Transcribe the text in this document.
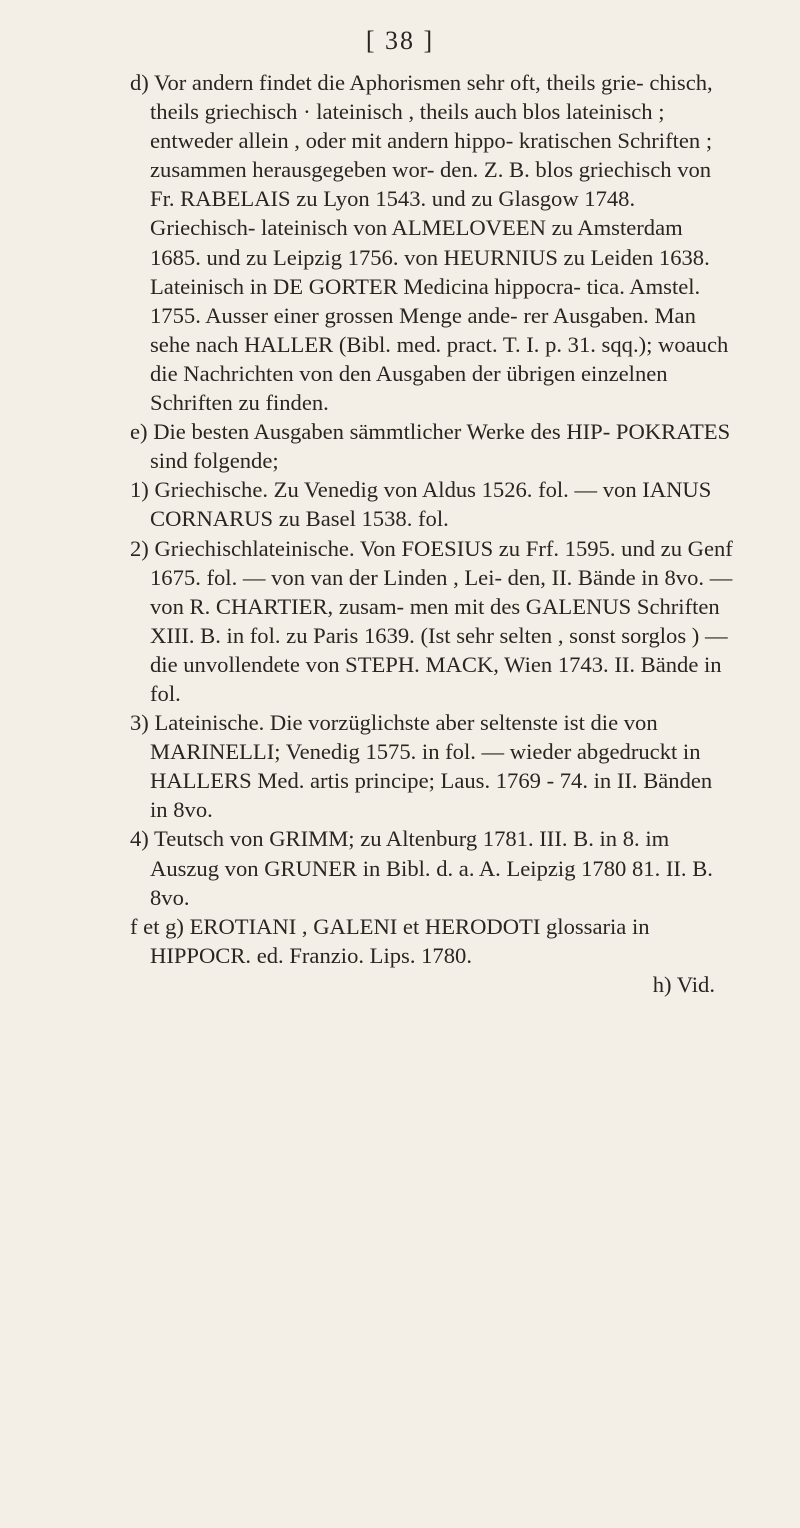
[ 38 ]

d) Vor andern findet die Aphorismen sehr oft, theils grie- chisch, theils griechisch · lateinisch , theils auch blos lateinisch ; entweder allein , oder mit andern hippo- kratischen Schriften ; zusammen herausgegeben wor- den. Z. B. blos griechisch von Fr. RABELAIS zu Lyon 1543. und zu Glasgow 1748. Griechisch- lateinisch von ALMELOVEEN zu Amsterdam 1685. und zu Leipzig 1756. von HEURNIUS zu Leiden 1638. Lateinisch in DE GORTER Medicina hippocra- tica. Amstel. 1755. Ausser einer grossen Menge ande- rer Ausgaben. Man sehe nach HALLER (Bibl. med. pract. T. I. p. 31. sqq.); woauch die Nachrichten von den Ausgaben der übrigen einzelnen Schriften zu finden.

e) Die besten Ausgaben sämmtlicher Werke des HIP- POKRATES sind folgende;

1) Griechische. Zu Venedig von Aldus 1526. fol. — von IANUS CORNARUS zu Basel 1538. fol.

2) Griechischlateinische. Von FOESIUS zu Frf. 1595. und zu Genf 1675. fol. — von van der Linden , Lei- den, II. Bände in 8vo. — von R. CHARTIER, zusam- men mit des GALENUS Schriften XIII. B. in fol. zu Paris 1639. (Ist sehr selten , sonst sorglos ) — die unvollendete von STEPH. MACK, Wien 1743. II. Bände in fol.

3) Lateinische. Die vorzüglichste aber seltenste ist die von MARINELLI; Venedig 1575. in fol. — wieder abgedruckt in HALLERS Med. artis principe; Laus. 1769 - 74. in II. Bänden in 8vo.

4) Teutsch von GRIMM; zu Altenburg 1781. III. B. in 8. im Auszug von GRUNER in Bibl. d. a. A. Leipzig 1780 81. II. B. 8vo.

f et g) EROTIANI , GALENI et HERODOTI glossaria in HIPPOCR. ed. Franzio. Lips. 1780.

h) Vid.
